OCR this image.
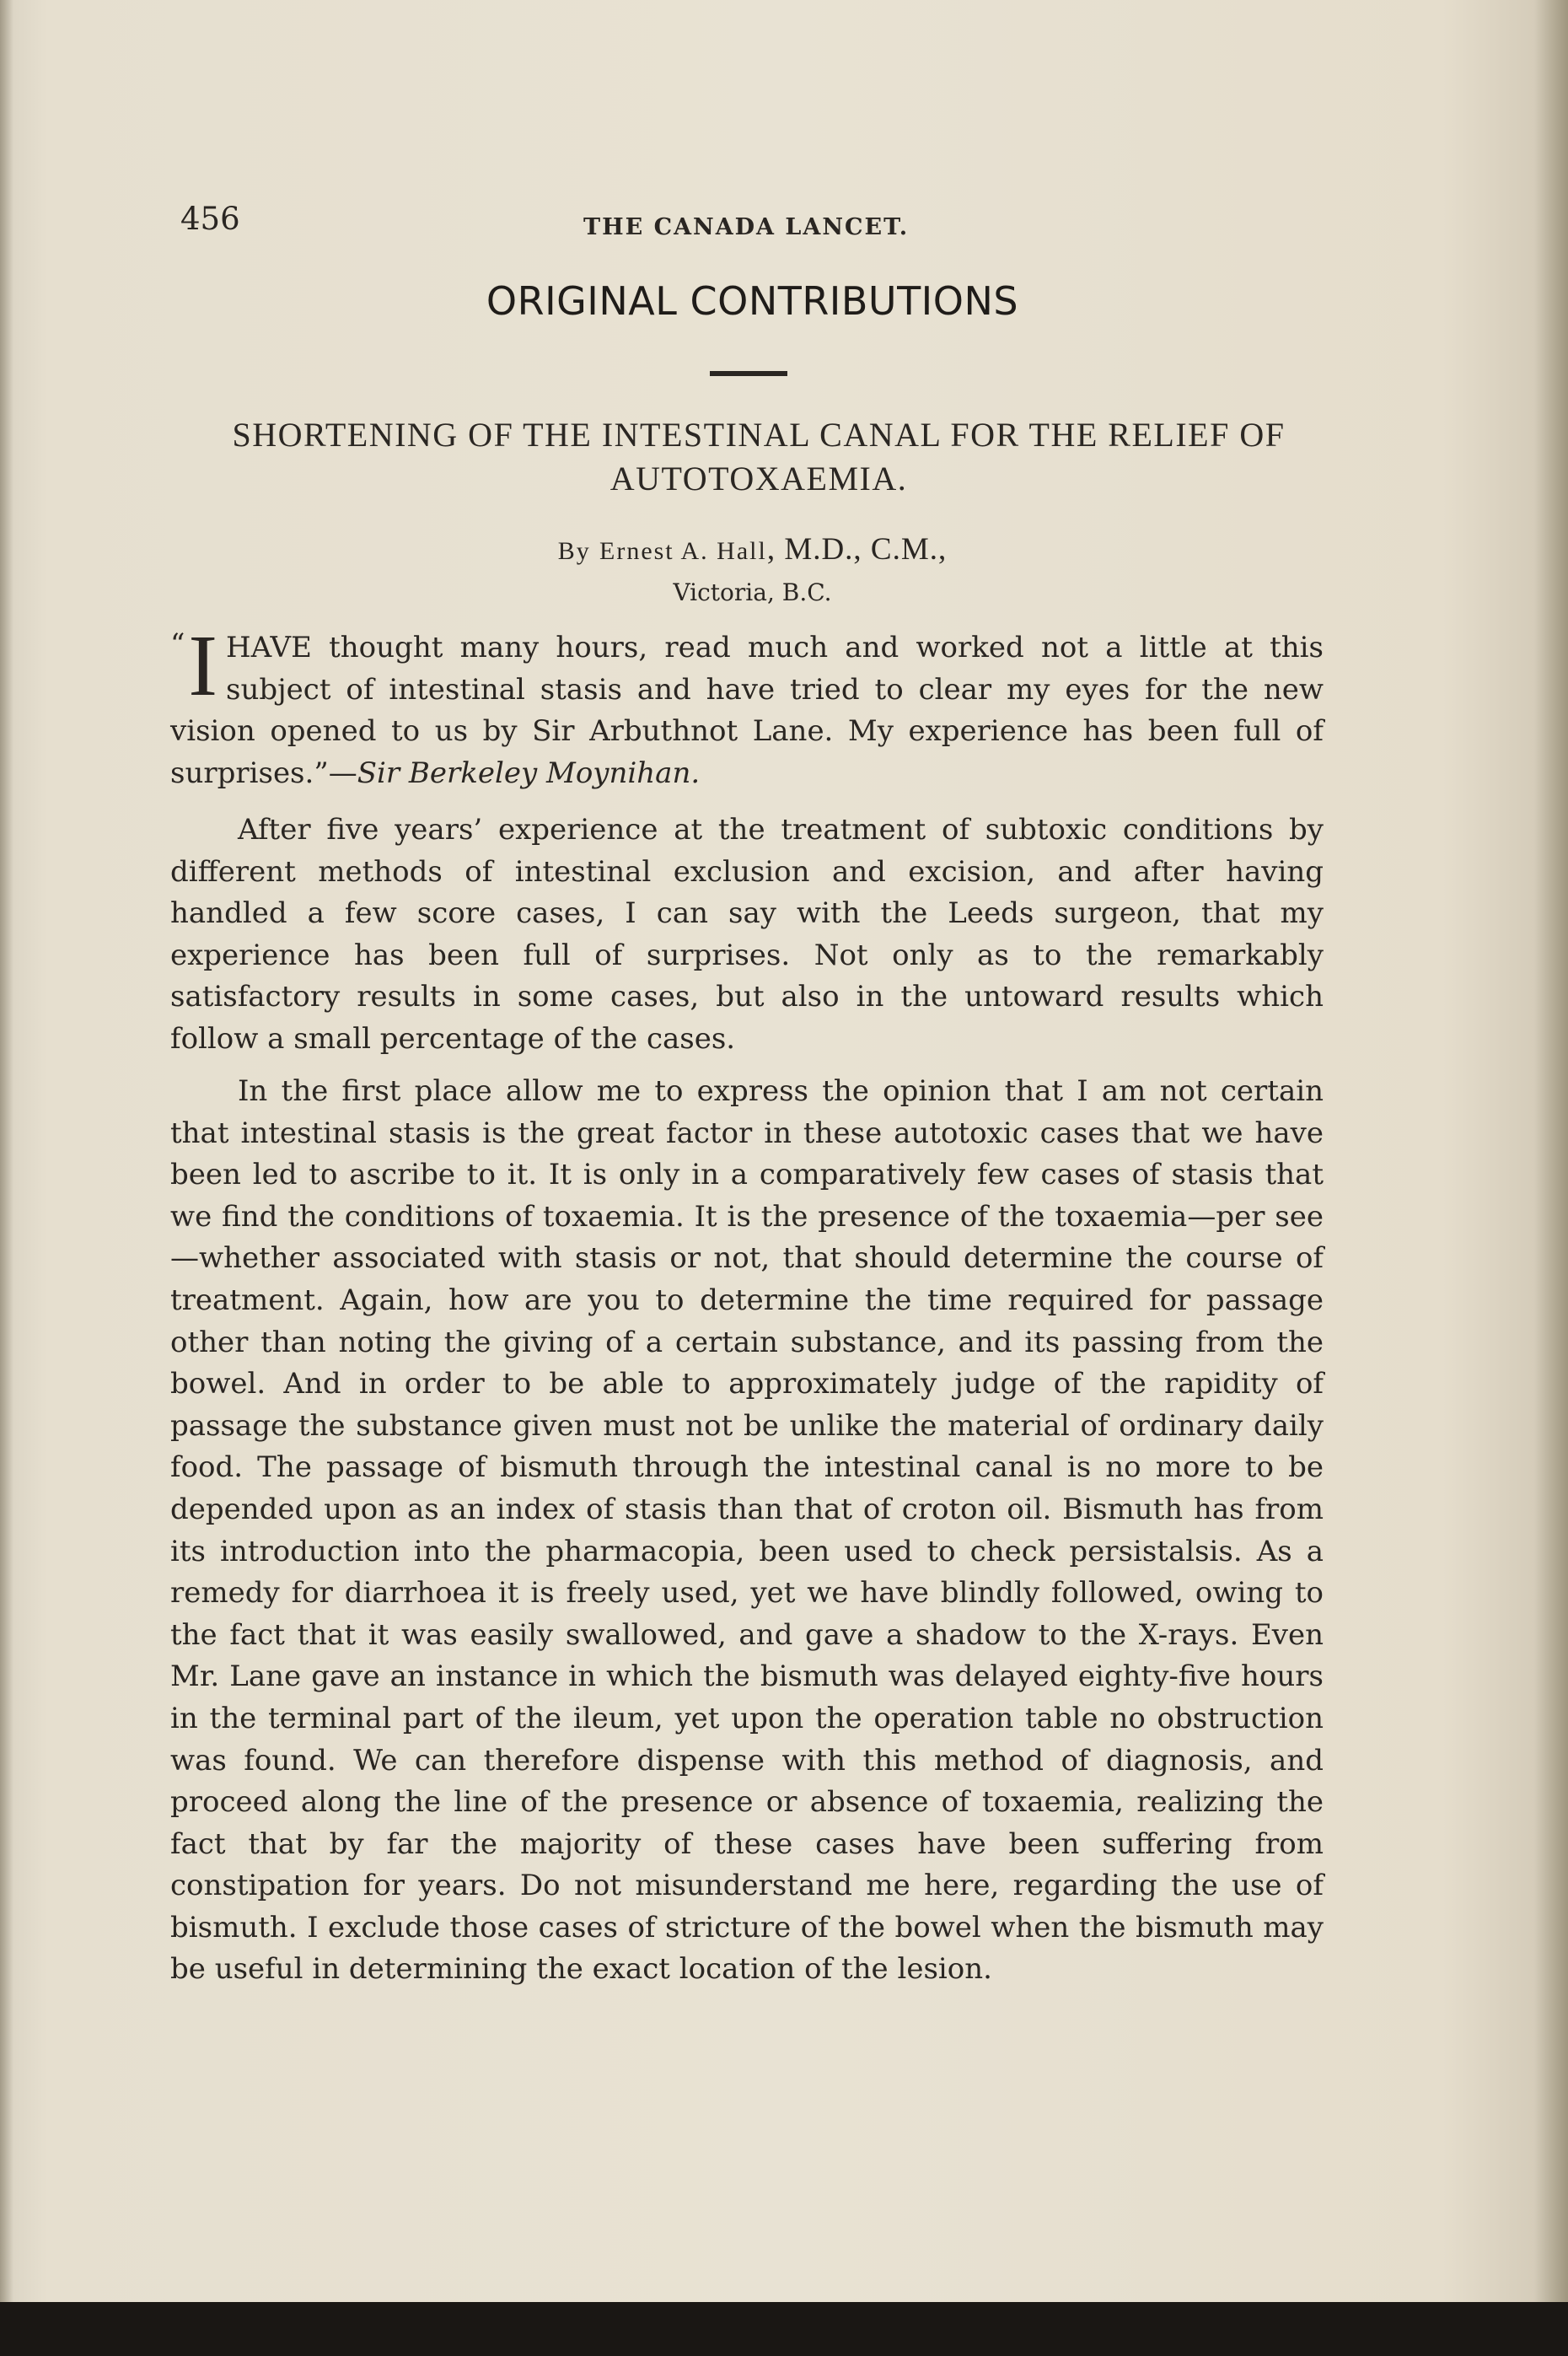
456	THE CANADA LANCET.
ORIGINAL CONTRIBUTIONS
SHORTENING OF THE INTESTINAL CANAL FOR THE RELIEF OF AUTOTOXAEMIA.
By Ernest A. Hall, M.D., C.M.,
Victoria, B.C.
“ I HAVE thought many hours, read much and worked not a little at this subject of intestinal stasis and have tried to clear my eyes for the new vision opened to us by Sir Arbuthnot Lane. My experience has been full of surprises.”—Sir Berkeley Moynihan.
After five years’ experience at the treatment of subtoxic conditions by different methods of intestinal exclusion and excision, and after having handled a few score cases, I can say with the Leeds surgeon, that my experience has been full of surprises. Not only as to the remarkably satisfactory results in some cases, but also in the untoward results which follow a small percentage of the cases.
In the first place allow me to express the opinion that I am not certain that intestinal stasis is the great factor in these autotoxic cases that we have been led to ascribe to it. It is only in a comparatively few cases of stasis that we find the conditions of toxaemia. It is the presence of the toxaemia—per see—whether associated with stasis or not, that should determine the course of treatment. Again, how are you to determine the time required for passage other than noting the giving of a certain substance, and its passing from the bowel. And in order to be able to approximately judge of the rapidity of passage the substance given must not be unlike the material of ordinary daily food. The passage of bismuth through the intestinal canal is no more to be depended upon as an index of stasis than that of croton oil. Bismuth has from its introduction into the pharmacopia, been used to check persistalsis. As a remedy for diarrhoea it is freely used, yet we have blindly followed, owing to the fact that it was easily swallowed, and gave a shadow to the X-rays. Even Mr. Lane gave an instance in which the bismuth was delayed eighty-five hours in the terminal part of the ileum, yet upon the operation table no obstruction was found. We can therefore dispense with this method of diagnosis, and proceed along the line of the presence or absence of toxaemia, realizing the fact that by far the majority of these cases have been suffering from constipation for years. Do not misunderstand me here, regarding the use of bismuth. I exclude those cases of stricture of the bowel when the bismuth may be useful in determining the exact location of the lesion.
